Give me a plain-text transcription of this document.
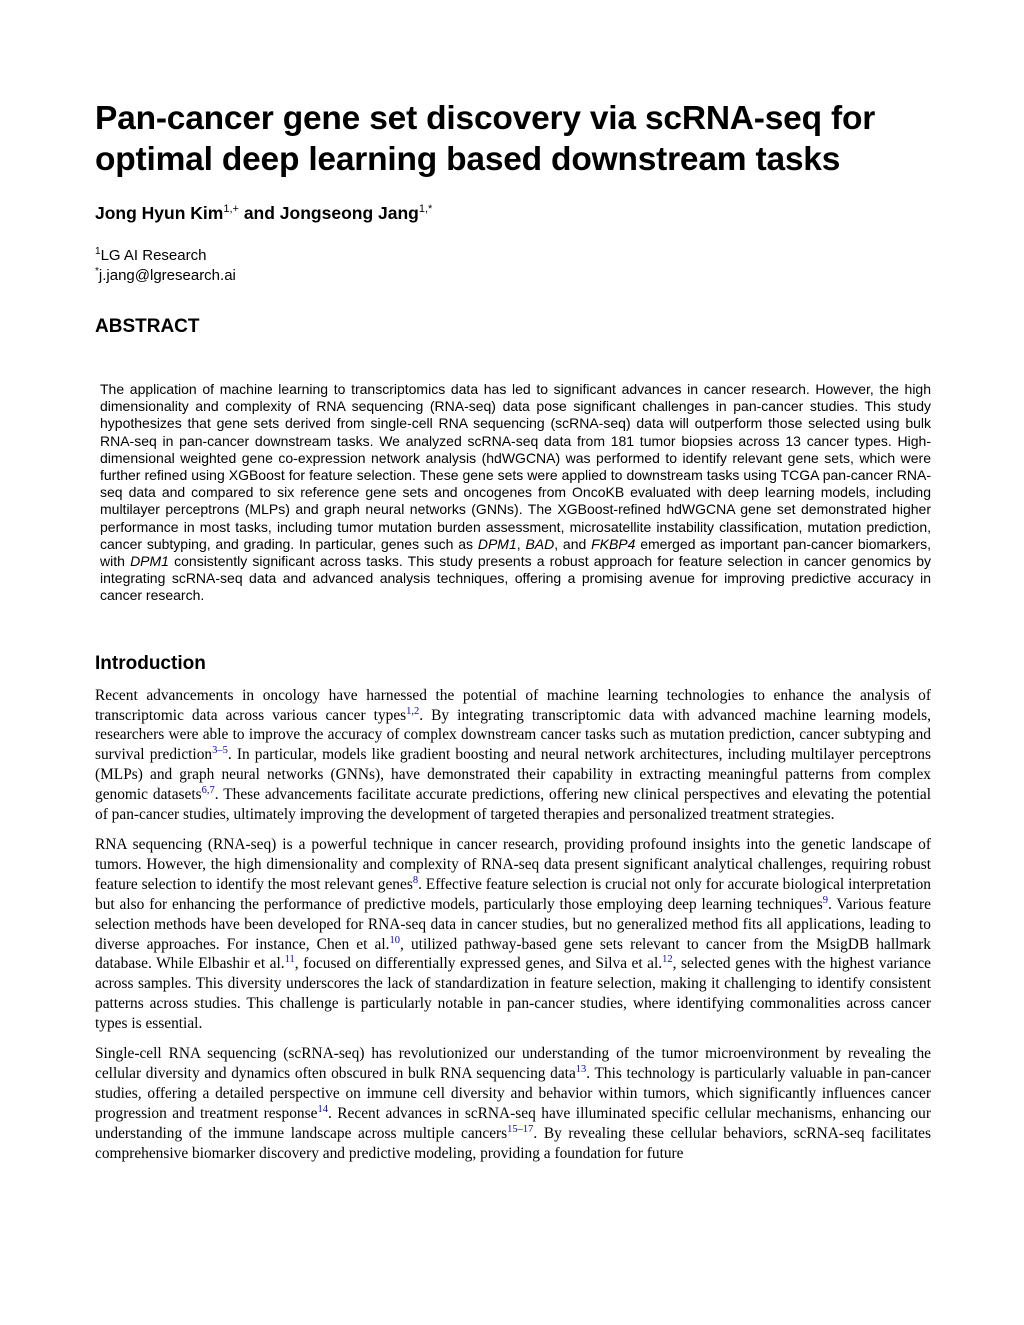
Pan-cancer gene set discovery via scRNA-seq for optimal deep learning based downstream tasks
Jong Hyun Kim$^{1,+}$ and Jongseong Jang$^{1,*}$
$^1$LG AI Research
*j.jang@lgresearch.ai
ABSTRACT

The application of machine learning to transcriptomics data has led to significant advances in cancer research. However, the high dimensionality and complexity of RNA sequencing (RNA-seq) data pose significant challenges in pan-cancer studies. This study hypothesizes that gene sets derived from single-cell RNA sequencing (scRNA-seq) data will outperform those selected using bulk RNA-seq in pan-cancer downstream tasks. We analyzed scRNA-seq data from 181 tumor biopsies across 13 cancer types. High-dimensional weighted gene co-expression network analysis (hdWGCNA) was performed to identify relevant gene sets, which were further refined using XGBoost for feature selection. These gene sets were applied to downstream tasks using TCGA pan-cancer RNA-seq data and compared to six reference gene sets and oncogenes from OncoKB evaluated with deep learning models, including multilayer perceptrons (MLPs) and graph neural networks (GNNs). The XGBoost-refined hdWGCNA gene set demonstrated higher performance in most tasks, including tumor mutation burden assessment, microsatellite instability classification, mutation prediction, cancer subtyping, and grading. In particular, genes such as DPM1, BAD, and FKBP4 emerged as important pan-cancer biomarkers, with DPM1 consistently significant across tasks. This study presents a robust approach for feature selection in cancer genomics by integrating scRNA-seq data and advanced analysis techniques, offering a promising avenue for improving predictive accuracy in cancer research.

Introduction

Recent advancements in oncology have harnessed the potential of machine learning technologies to enhance the analysis of transcriptomic data across various cancer types$^{1,2}$. By integrating transcriptomic data with advanced machine learning models, researchers were able to improve the accuracy of complex downstream cancer tasks such as mutation prediction, cancer subtyping and survival prediction$^{3-5}$. In particular, models like gradient boosting and neural network architectures, including multilayer perceptrons (MLPs) and graph neural networks (GNNs), have demonstrated their capability in extracting meaningful patterns from complex genomic datasets$^{6,7}$. These advancements facilitate accurate predictions, offering new clinical perspectives and elevating the potential of pan-cancer studies, ultimately improving the development of targeted therapies and personalized treatment strategies.

RNA sequencing (RNA-seq) is a powerful technique in cancer research, providing profound insights into the genetic landscape of tumors. However, the high dimensionality and complexity of RNA-seq data present significant analytical challenges, requiring robust feature selection to identify the most relevant genes$^8$. Effective feature selection is crucial not only for accurate biological interpretation but also for enhancing the performance of predictive models, particularly those employing deep learning techniques$^9$. Various feature selection methods have been developed for RNA-seq data in cancer studies, but no generalized method fits all applications, leading to diverse approaches. For instance, Chen et al.$^{10}$, utilized pathway-based gene sets relevant to cancer from the MsigDB hallmark database. While Elbashir et al.$^{11}$, focused on differentially expressed genes, and Silva et al.$^{12}$, selected genes with the highest variance across samples. This diversity underscores the lack of standardization in feature selection, making it challenging to identify consistent patterns across studies. This challenge is particularly notable in pan-cancer studies, where identifying commonalities across cancer types is essential.

Single-cell RNA sequencing (scRNA-seq) has revolutionized our understanding of the tumor microenvironment by revealing the cellular diversity and dynamics often obscured in bulk RNA sequencing data$^{13}$. This technology is particularly valuable in pan-cancer studies, offering a detailed perspective on immune cell diversity and behavior within tumors, which significantly influences cancer progression and treatment response$^{14}$. Recent advances in scRNA-seq have illuminated specific cellular mechanisms, enhancing our understanding of the immune landscape across multiple cancers$^{15-17}$. By revealing these cellular behaviors, scRNA-seq facilitates comprehensive biomarker discovery and predictive modeling, providing a foundation for future
